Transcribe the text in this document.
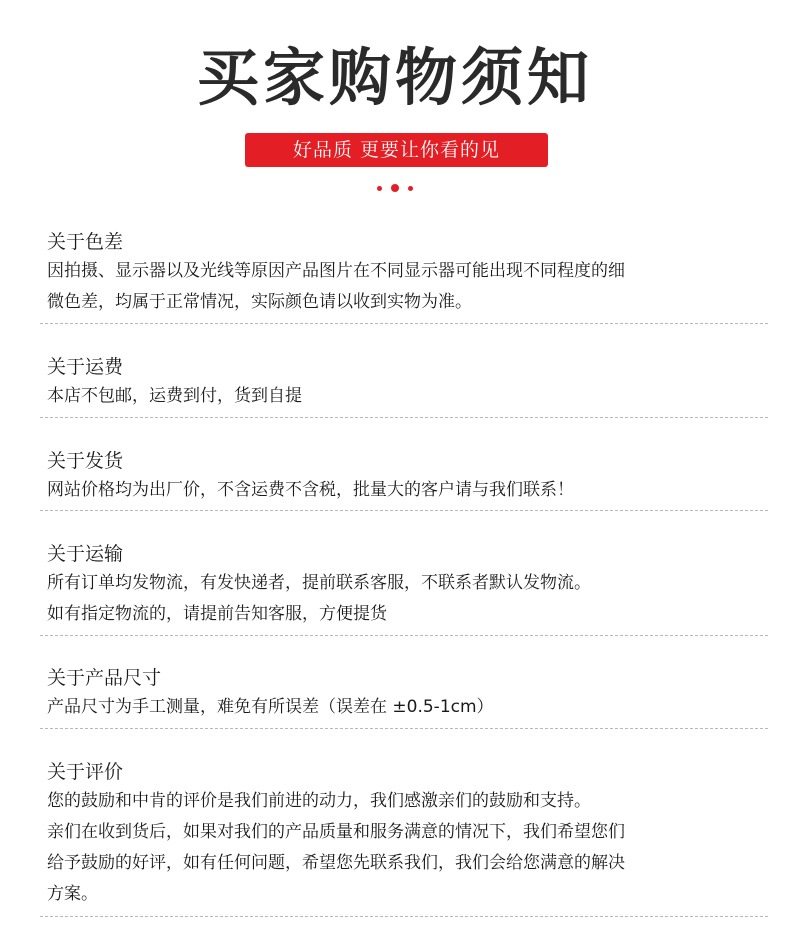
买家购物须知
好品质 更要让你看的见

关于色差

因拍摄、显示器以及光线等原因产品图片在不同显示器可能出现不同程度的细

微色差，均属于正常情况，实际颜色请以收到实物为准。

关于运费

本店不包邮，运费到付，货到自提

关于发货

网站价格均为出厂价，不含运费不含税，批量大的客户请与我们联系！

关于运输

所有订单均发物流，有发快递者，提前联系客服，不联系者默认发物流。

如有指定物流的，请提前告知客服，方便提货

关于产品尺寸

产品尺寸为手工测量，难免有所误差（误差在 ±0.5-1cm）

关于评价

您的鼓励和中肯的评价是我们前进的动力，我们感激亲们的鼓励和支持。

亲们在收到货后，如果对我们的产品质量和服务满意的情况下，我们希望您们

给予鼓励的好评，如有任何问题，希望您先联系我们，我们会给您满意的解决

方案。
